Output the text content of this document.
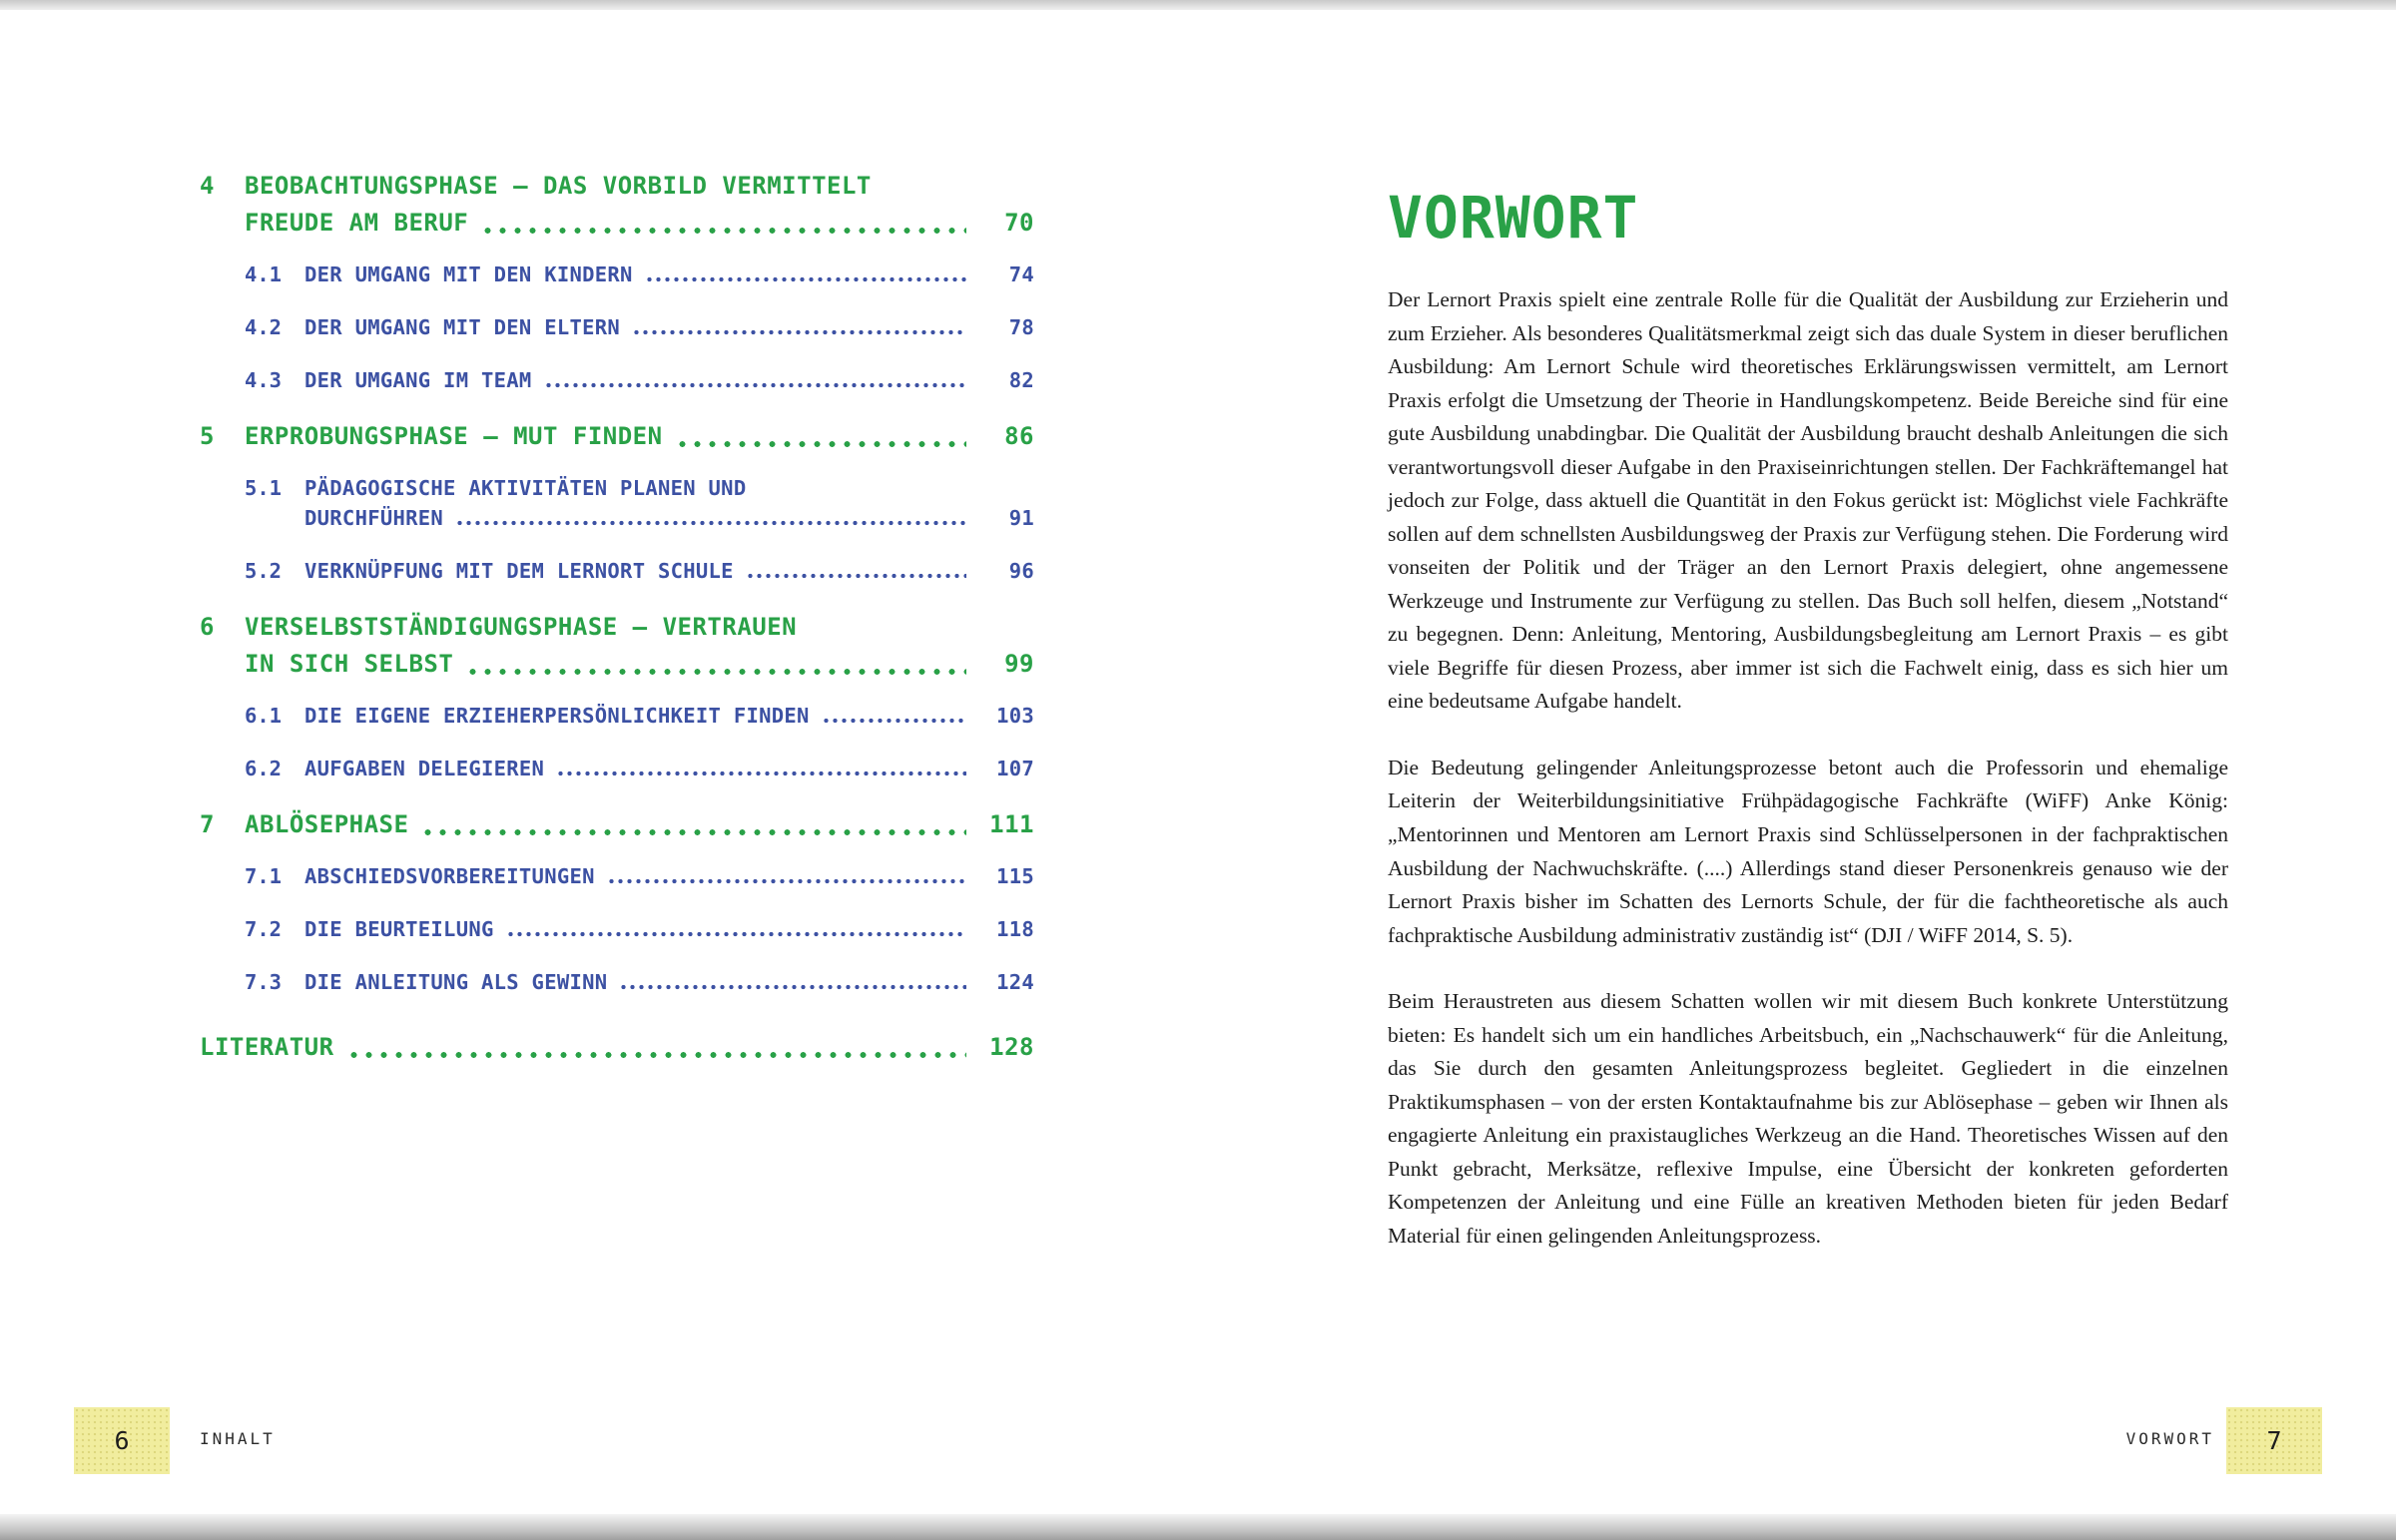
4	BEOBACHTUNGSPHASE – DAS VORBILD VERMITTELT
FREUDE AM BERUF	70
4.1	DER UMGANG MIT DEN KINDERN	74
4.2	DER UMGANG MIT DEN ELTERN	78
4.3	DER UMGANG IM TEAM	82
5	ERPROBUNGSPHASE – MUT FINDEN	86
5.1	PÄDAGOGISCHE AKTIVITÄTEN PLANEN UND
DURCHFÜHREN	91
5.2	VERKNÜPFUNG MIT DEM LERNORT SCHULE	96
6	VERSELBSTSTÄNDIGUNGSPHASE – VERTRAUEN
IN SICH SELBST	99
6.1	DIE EIGENE ERZIEHERPERSÖNLICHKEIT FINDEN	103
6.2	AUFGABEN DELEGIEREN	107
7	ABLÖSEPHASE	111
7.1	ABSCHIEDSVORBEREITUNGEN	115
7.2	DIE BEURTEILUNG	118
7.3	DIE ANLEITUNG ALS GEWINN	124
LITERATUR	128
VORWORT

Der Lernort Praxis spielt eine zentrale Rolle für die Qualität der Ausbildung zur Erzieherin und zum Erzieher. Als besonderes Qualitätsmerkmal zeigt sich das duale System in dieser beruflichen Ausbildung: Am Lernort Schule wird theoretisches Erklärungswissen vermittelt, am Lernort Praxis erfolgt die Umsetzung der Theorie in Handlungskompetenz. Beide Bereiche sind für eine gute Ausbildung unabdingbar. Die Qualität der Ausbildung braucht deshalb Anleitungen die sich verantwortungsvoll dieser Aufgabe in den Praxiseinrichtungen stellen. Der Fachkräftemangel hat jedoch zur Folge, dass aktuell die Quantität in den Fokus gerückt ist: Möglichst viele Fachkräfte sollen auf dem schnellsten Ausbildungsweg der Praxis zur Verfügung stehen. Die Forderung wird vonseiten der Politik und der Träger an den Lernort Praxis delegiert, ohne angemessene Werkzeuge und Instrumente zur Verfügung zu stellen. Das Buch soll helfen, diesem „Notstand“ zu begegnen. Denn: Anleitung, Mentoring, Ausbildungsbegleitung am Lernort Praxis – es gibt viele Begriffe für diesen Prozess, aber immer ist sich die Fachwelt einig, dass es sich hier um eine bedeutsame Aufgabe handelt.

Die Bedeutung gelingender Anleitungsprozesse betont auch die Professorin und ehemalige Leiterin der Weiterbildungsinitiative Frühpädagogische Fachkräfte (WiFF) Anke König: „Mentorinnen und Mentoren am Lernort Praxis sind Schlüsselpersonen in der fachpraktischen Ausbildung der Nachwuchskräfte. (....) Allerdings stand dieser Personenkreis genauso wie der Lernort Praxis bisher im Schatten des Lernorts Schule, der für die fachtheoretische als auch fachpraktische Ausbildung administrativ zuständig ist“ (DJI / WiFF 2014, S. 5).

Beim Heraustreten aus diesem Schatten wollen wir mit diesem Buch konkrete Unterstützung bieten: Es handelt sich um ein handliches Arbeitsbuch, ein „Nachschauwerk“ für die Anleitung, das Sie durch den gesamten Anleitungsprozess begleitet. Gegliedert in die einzelnen Praktikumsphasen – von der ersten Kontaktaufnahme bis zur Ablösephase – geben wir Ihnen als engagierte Anleitung ein praxistaugliches Werkzeug an die Hand. Theoretisches Wissen auf den Punkt gebracht, Merksätze, reflexive Impulse, eine Übersicht der konkreten geforderten Kompetenzen der Anleitung und eine Fülle an kreativen Methoden bieten für jeden Bedarf Material für einen gelingenden Anleitungsprozess.

6	INHALT	VORWORT 7
